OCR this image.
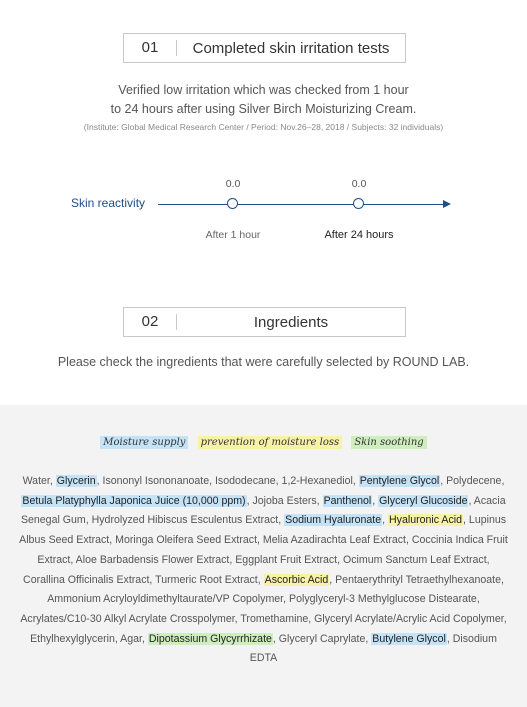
01	Completed skin irritation tests
Verified low irritation which was checked from 1 hour
to 24 hours after using Silver Birch Moisturizing Cream.
(Institute: Global Medical Research Center / Period: Nov.26–28, 2018 / Subjects: 32 individuals)
Skin reactivity
0.0	0.0
After 1 hour	After 24 hours
02	Ingredients
Please check the ingredients that were carefully selected by ROUND LAB.
Moisture supply prevention of moisture loss Skin soothing
Water, Glycerin, Isononyl Isononanoate, Isododecane, 1,2-Hexanediol, Pentylene Glycol, Polydecene, Betula Platyphylla Japonica Juice (10,000 ppm), Jojoba Esters, Panthenol, Glyceryl Glucoside, Acacia Senegal Gum, Hydrolyzed Hibiscus Esculentus Extract, Sodium Hyaluronate, Hyaluronic Acid, Lupinus Albus Seed Extract, Moringa Oleifera Seed Extract, Melia Azadirachta Leaf Extract, Coccinia Indica Fruit Extract, Aloe Barbadensis Flower Extract, Eggplant Fruit Extract, Ocimum Sanctum Leaf Extract, Corallina Officinalis Extract, Turmeric Root Extract, Ascorbic Acid, Pentaerythrityl Tetraethylhexanoate, Ammonium Acryloyldimethyltaurate/VP Copolymer, Polyglyceryl-3 Methylglucose Distearate, Acrylates/C10-30 Alkyl Acrylate Crosspolymer, Tromethamine, Glyceryl Acrylate/Acrylic Acid Copolymer, Ethylhexylglycerin, Agar, Dipotassium Glycyrrhizate, Glyceryl Caprylate, Butylene Glycol, Disodium EDTA
